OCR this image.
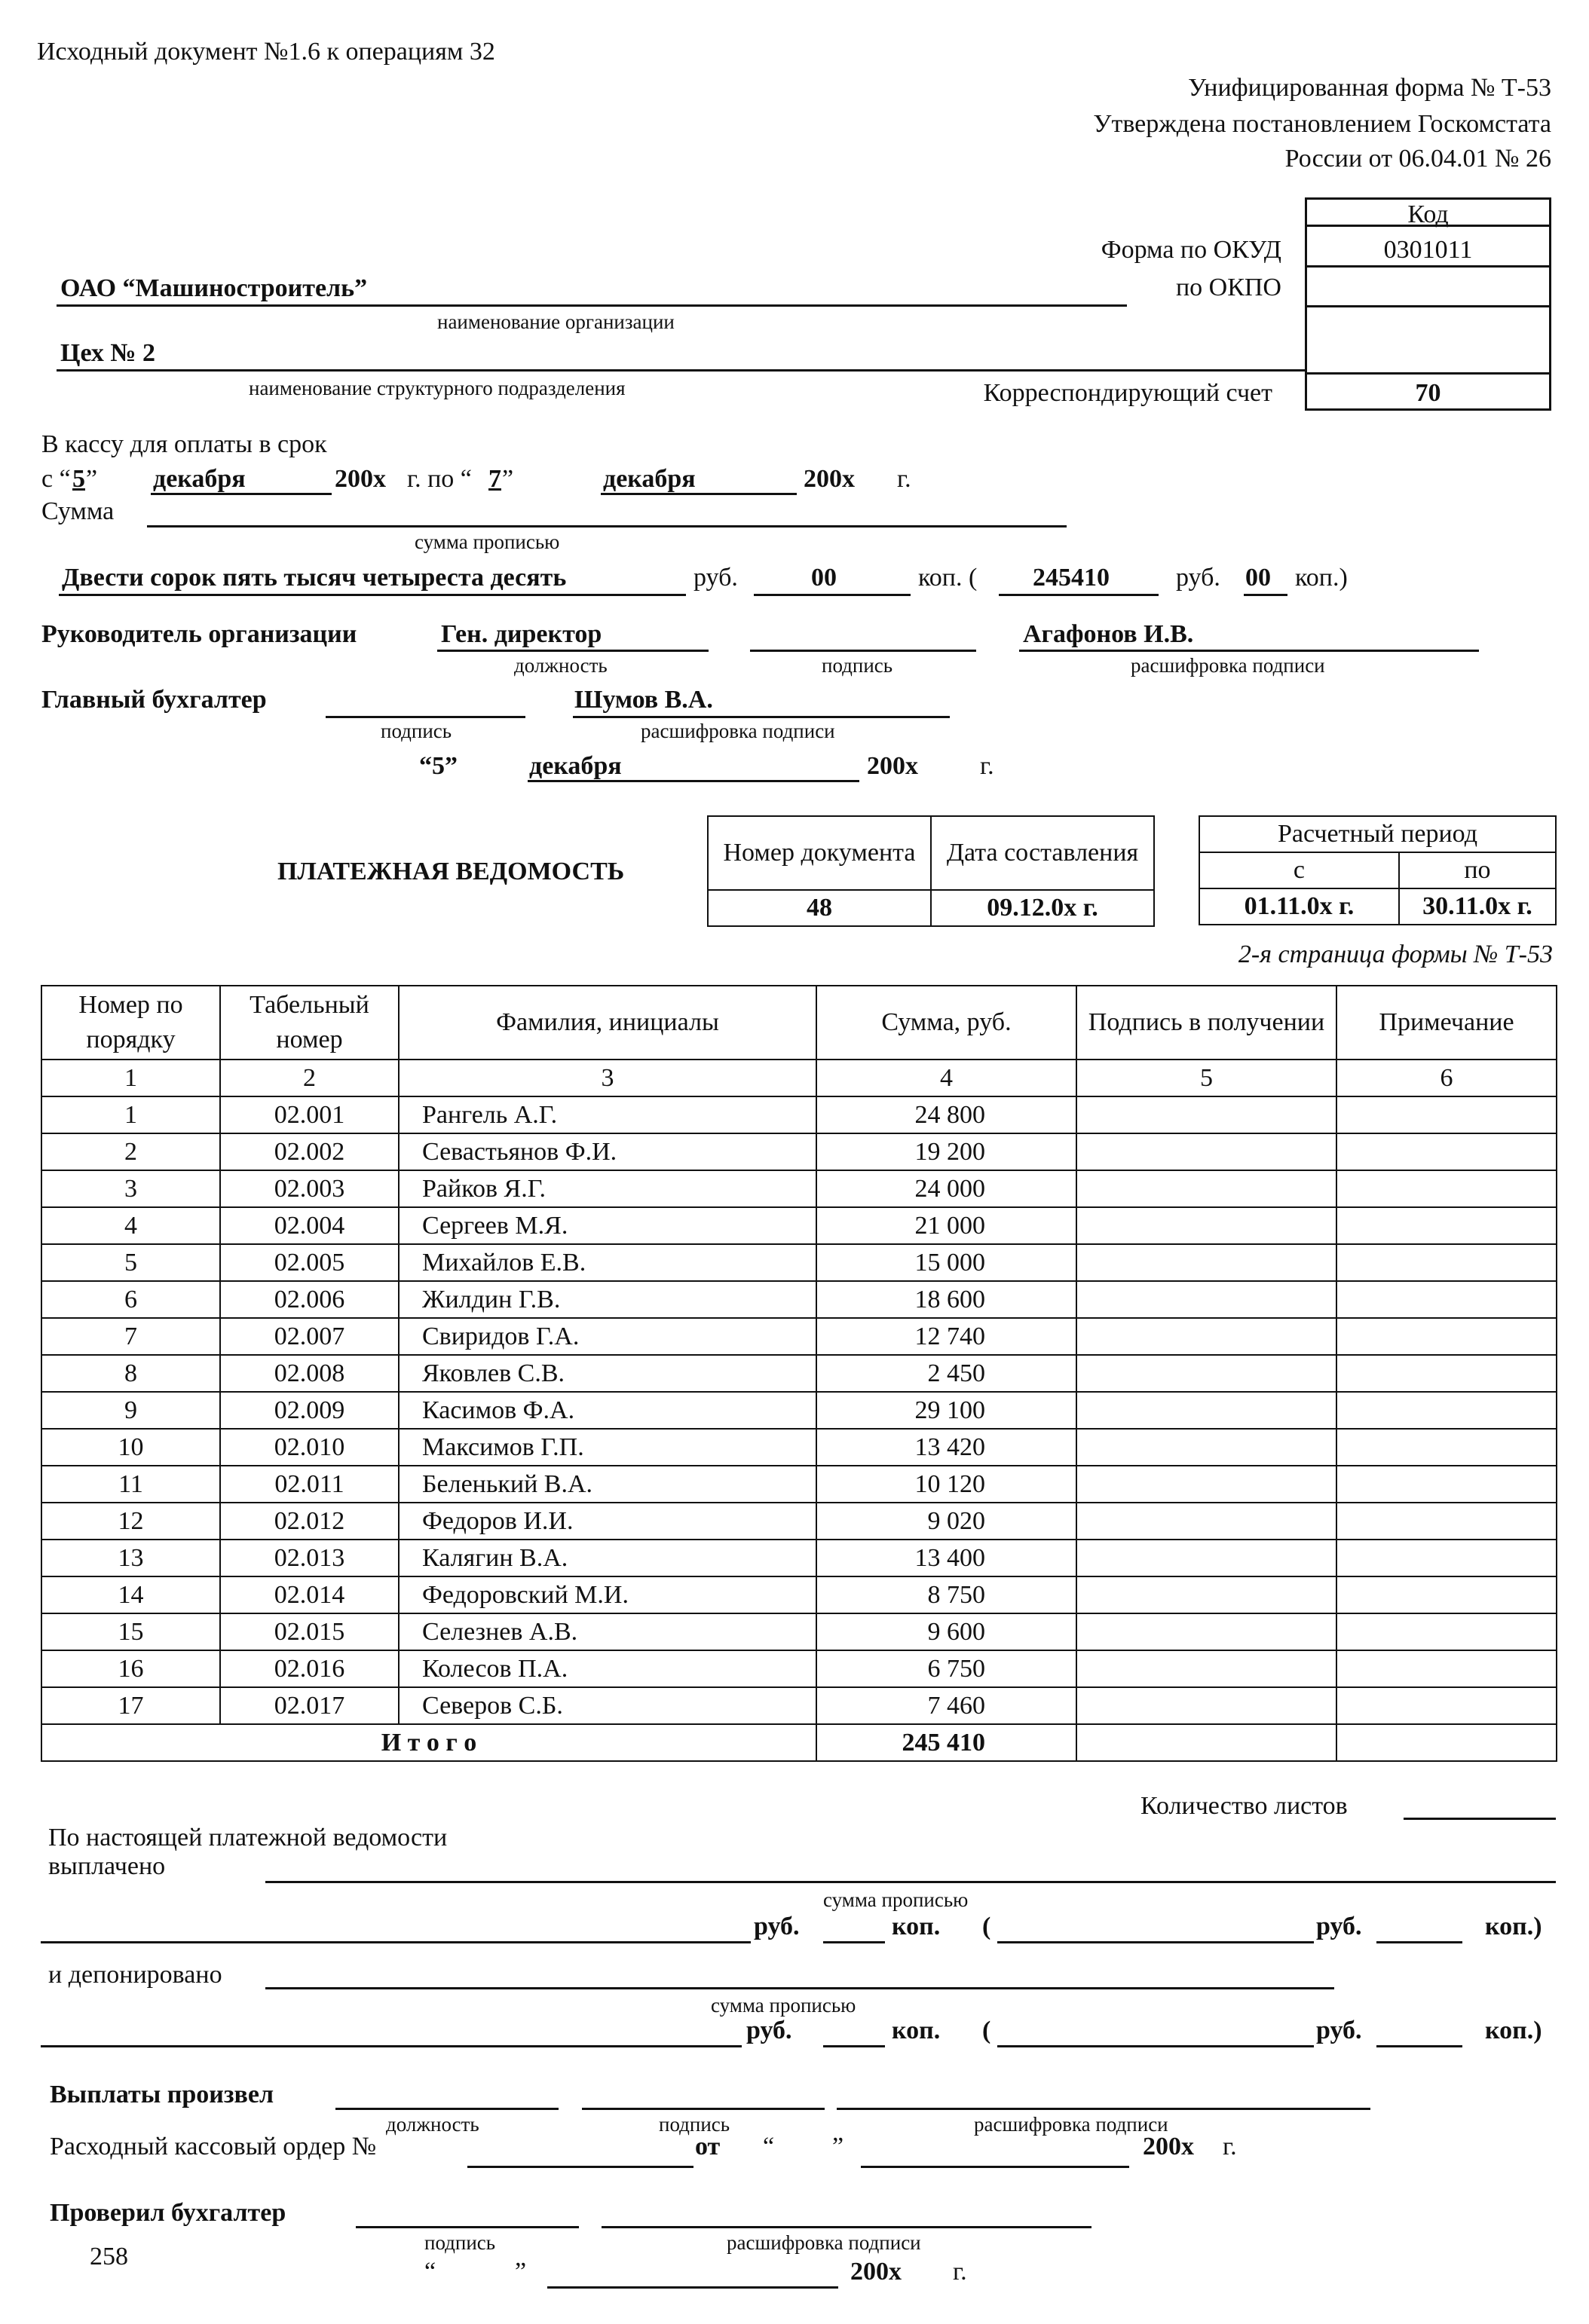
Исходный документ №1.6 к операциям 32
Унифицированная форма № Т-53
Утверждена постановлением Госкомстата
России от 06.04.01 № 26
Код
Форма по ОКУД	0301011
по ОКПО
Корреспондирующий счет	70
ОАО “Машиностроитель”
наименование организации
Цех № 2
наименование структурного подразделения
В кассу для оплаты в срок
с “ 5 ” декабря	200x г. по “ 7 ”	декабря	200x г.
Сумма
сумма прописью
Двести сорок пять тысяч четыреста десять	руб.	00	коп. ( 245410	руб. 00 коп.)
Руководитель организации	Ген. директор	Агафонов И.В.
должность	подпись	расшифровка подписи
Главный бухгалтер	Шумов В.А.
подпись	расшифровка подписи
“5”	декабря	200x г.
ПЛАТЕЖНАЯ ВЕДОМОСТЬ
Номер документа	Дата составления
48	09.12.0x г.
Расчетный период	
с	по
01.11.0x г.	30.11.0x г.
2-я страница формы № Т-53
Номер по порядку	Табельный номер	Фамилия, инициалы	Сумма, руб.	Подпись в получении	Примечание
1	2	3	4	5	6
1	02.001	Рангель А.Г.	24 800		
2	02.002	Севастьянов Ф.И.	19 200		
3	02.003	Райков Я.Г.	24 000		
4	02.004	Сергеев М.Я.	21 000		
5	02.005	Михайлов Е.В.	15 000		
6	02.006	Жилдин Г.В.	18 600		
7	02.007	Свиридов Г.А.	12 740		
8	02.008	Яковлев С.В.	2 450		
9	02.009	Касимов Ф.А.	29 100		
10	02.010	Максимов Г.П.	13 420		
11	02.011	Беленький В.А.	10 120		
12	02.012	Федоров И.И.	9 020		
13	02.013	Калягин В.А.	13 400		
14	02.014	Федоровский М.И.	8 750		
15	02.015	Селезнев А.В.	9 600		
16	02.016	Колесов П.А.	6 750		
17	02.017	Северов С.Б.	7 460		
И т о г о			245 410		
Количество листов
По настоящей платежной ведомости
выплачено
сумма прописью
руб.	коп. (	руб.	коп.)
и депонировано
сумма прописью
руб.	коп. (	руб.	коп.)
Выплаты произвел
должность	подпись	расшифровка подписи
Расходный кассовый ордер №	от “ ”	200x г.
Проверил бухгалтер
258	подпись	расшифровка подписи
“	”	200x г.
